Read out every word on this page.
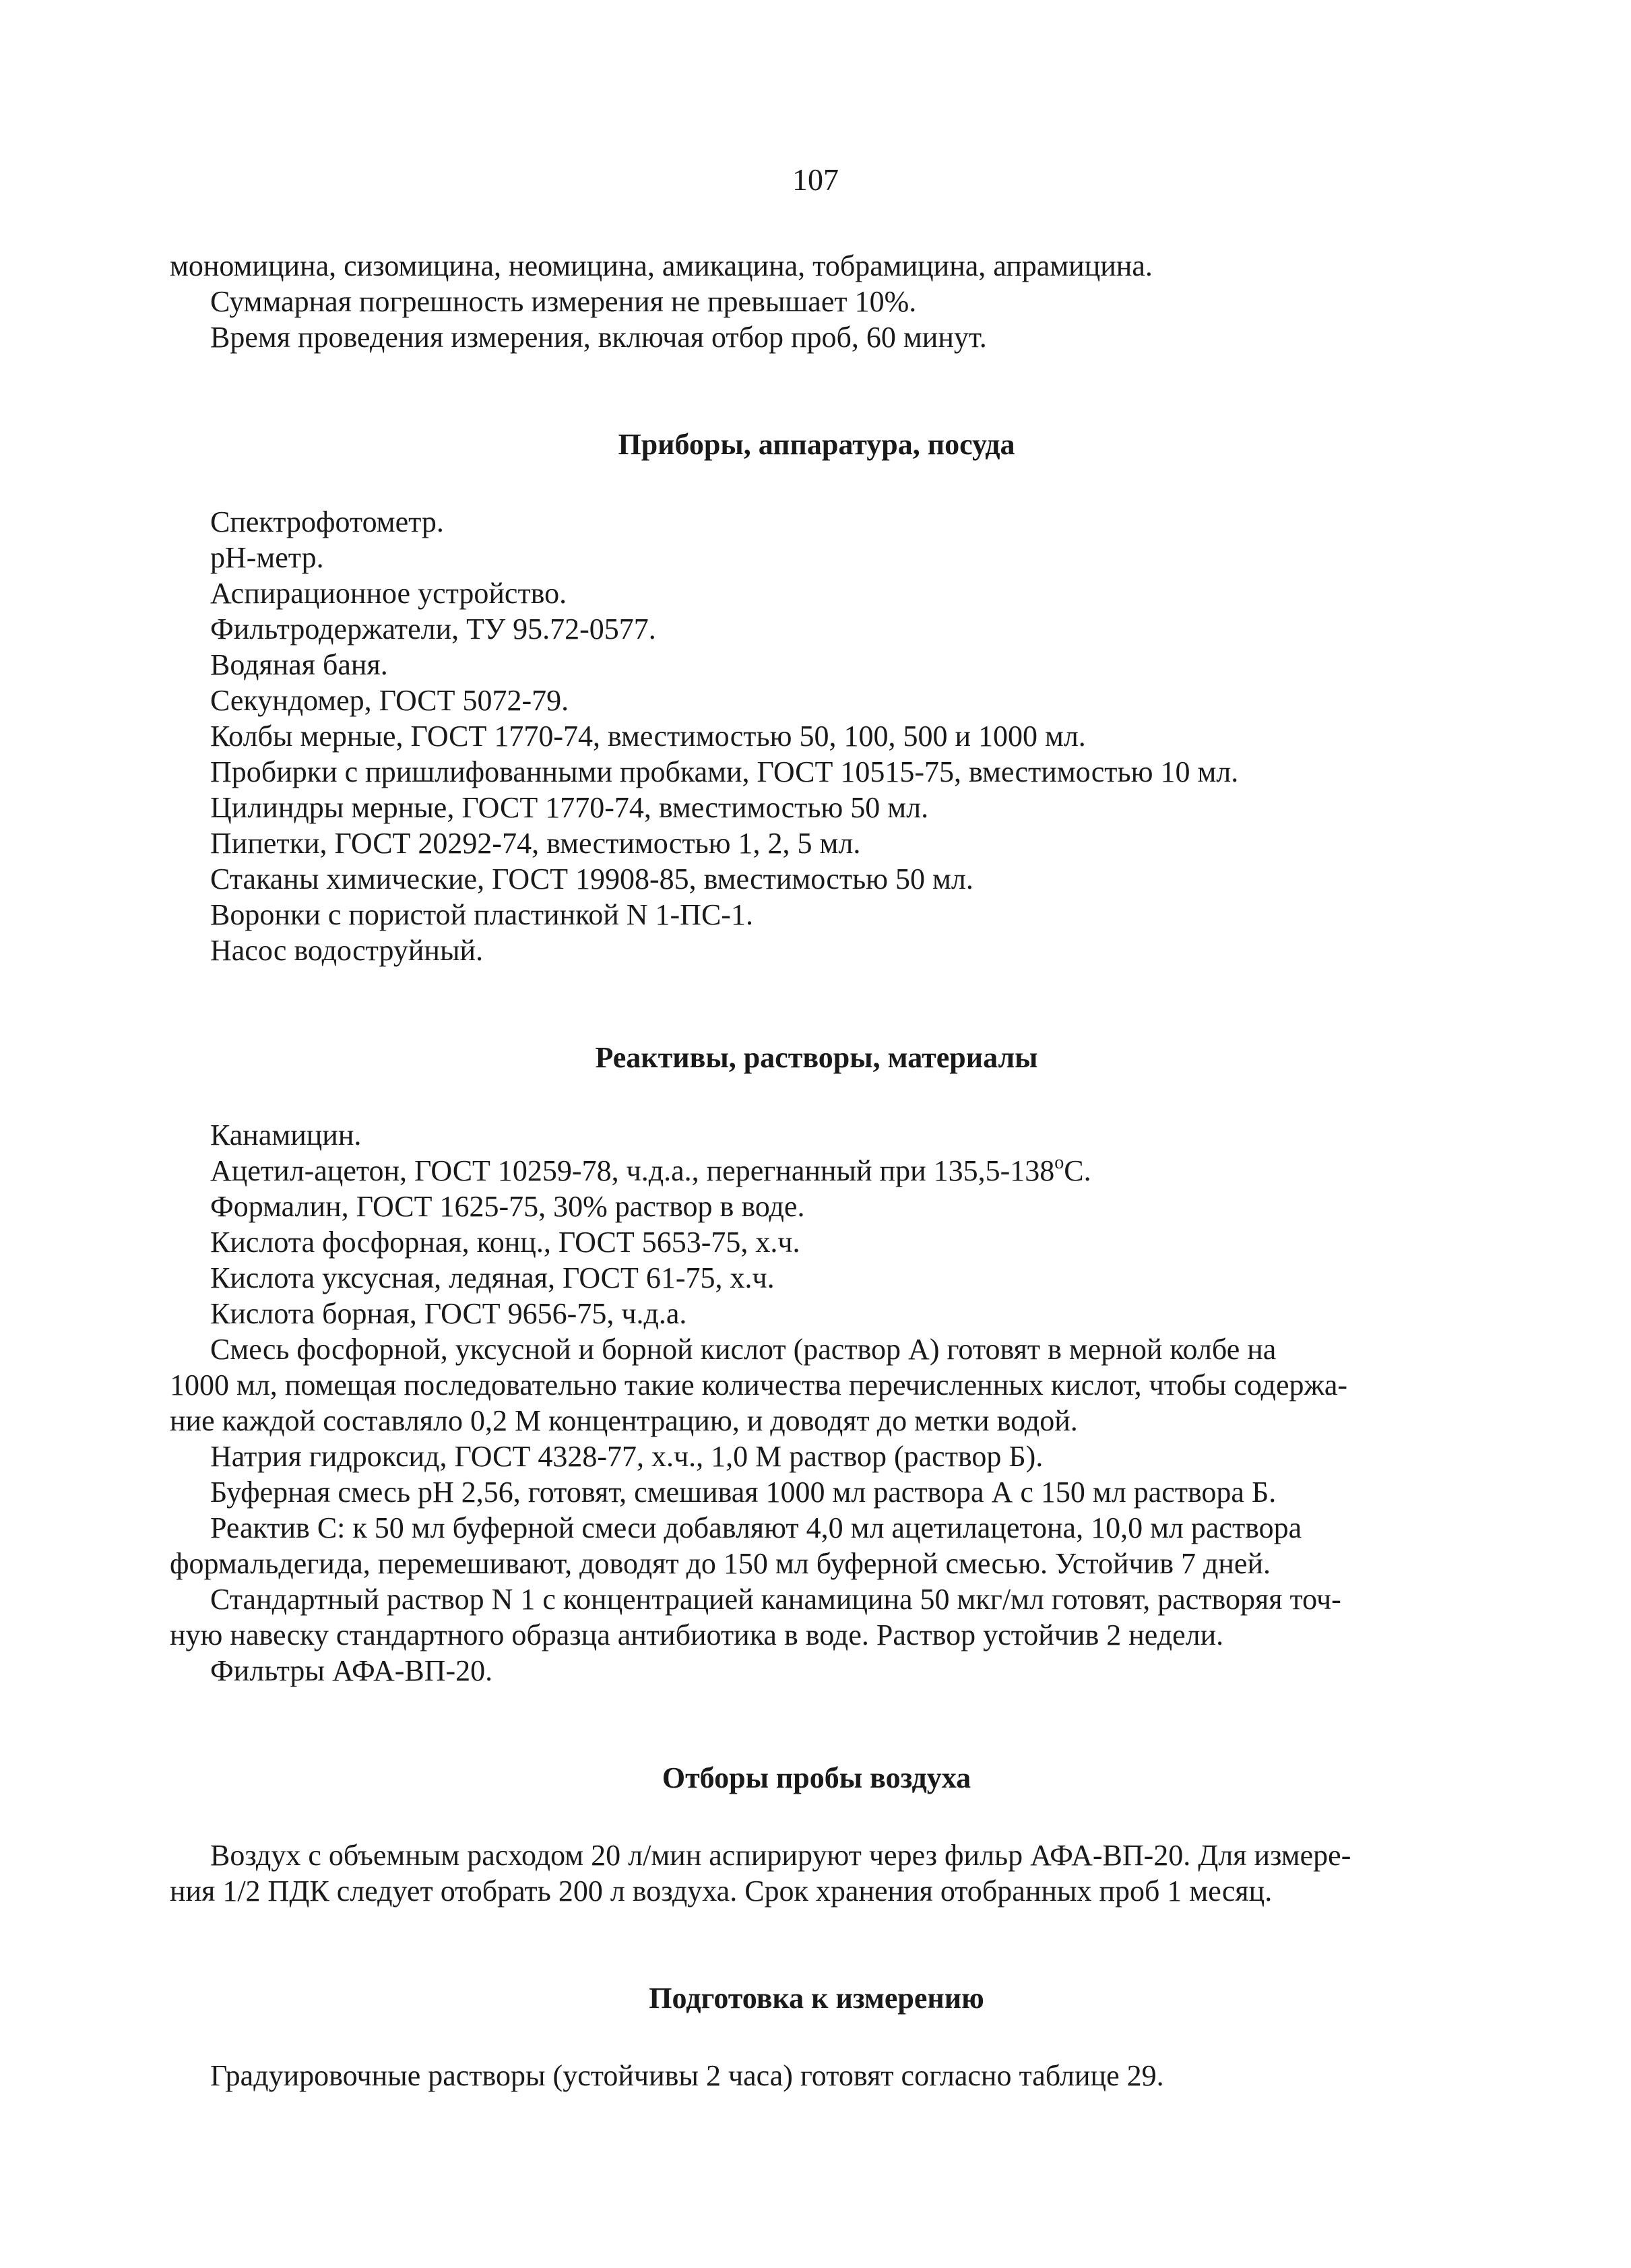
107
мономицина, сизомицина, неомицина, амикацина, тобрамицина, апрамицина.
Суммарная погрешность измерения не превышает 10%.
Время проведения измерения, включая отбор проб, 60 минут.
Приборы, аппаратура, посуда
Спектрофотометр.
pH-метр.
Аспирационное устройство.
Фильтродержатели, ТУ 95.72-0577.
Водяная баня.
Секундомер, ГОСТ 5072-79.
Колбы мерные, ГОСТ 1770-74, вместимостью 50, 100, 500 и 1000 мл.
Пробирки с пришлифованными пробками, ГОСТ 10515-75, вместимостью 10 мл.
Цилиндры мерные, ГОСТ 1770-74, вместимостью 50 мл.
Пипетки, ГОСТ 20292-74, вместимостью 1, 2, 5 мл.
Стаканы химические, ГОСТ 19908-85, вместимостью 50 мл.
Воронки с пористой пластинкой N 1-ПС-1.
Насос водоструйный.
Реактивы, растворы, материалы
Канамицин.
Ацетил-ацетон, ГОСТ 10259-78, ч.д.а., перегнанный при $135,5-138^оС$.
Формалин, ГОСТ 1625-75, 30% раствор в воде.
Кислота фосфорная, конц., ГОСТ 5653-75, х.ч.
Кислота уксусная, ледяная, ГОСТ 61-75, х.ч.
Кислота борная, ГОСТ 9656-75, ч.д.а.
Смесь фосфорной, уксусной и борной кислот (раствор А) готовят в мерной колбе на
1000 мл, помещая последовательно такие количества перечисленных кислот, чтобы содержа-
ние каждой составляло 0,2 М концентрацию, и доводят до метки водой.
Натрия гидроксид, ГОСТ 4328-77, х.ч., 1,0 М раствор (раствор Б).
Буферная смесь pH 2,56, готовят, смешивая 1000 мл раствора А с 150 мл раствора Б.
Реактив С: к 50 мл буферной смеси добавляют 4,0 мл ацетилацетона, 10,0 мл раствора
формальдегида, перемешивают, доводят до 150 мл буферной смесью. Устойчив 7 дней.
Стандартный раствор N 1 с концентрацией канамицина 50 мкг/мл готовят, растворяя точ-
ную навеску стандартного образца антибиотика в воде. Раствор устойчив 2 недели.
Фильтры АФА-ВП-20.
Отборы пробы воздуха
Воздух с объемным расходом 20 л/мин аспирируют через фильр АФА-ВП-20. Для измере-
ния 1/2 ПДК следует отобрать 200 л воздуха. Срок хранения отобранных проб 1 месяц.
Подготовка к измерению
Градуировочные растворы (устойчивы 2 часа) готовят согласно таблице 29.
